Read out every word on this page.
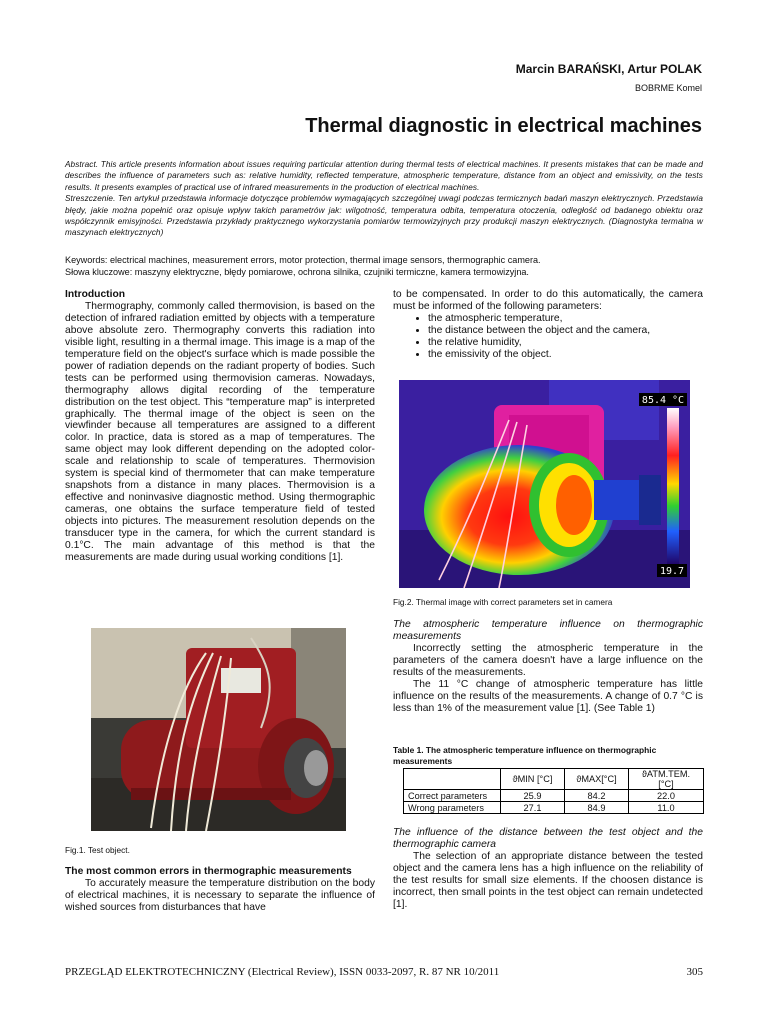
Marcin BARAŃSKI, Artur POLAK
BOBRME Komel
Thermal diagnostic in electrical machines

Abstract. This article presents information about issues requiring particular attention during thermal tests of electrical machines. It presents mistakes that can be made and describes the influence of parameters such as: relative humidity, reflected temperature, atmospheric temperature, distance from an object and emissivity, on the tests results. It presents examples of practical use of infrared measurements in the production of electrical machines.

Streszczenie. Ten artykuł przedstawia informacje dotyczące problemów wymagających szczególnej uwagi podczas termicznych badań maszyn elektrycznych. Przedstawia błędy, jakie można popełnić oraz opisuje wpływ takich parametrów jak: wilgotność, temperatura odbita, temperatura otoczenia, odległość od badanego obiektu oraz współczynnik emisyjności. Przedstawia przykłady praktycznego wykorzystania pomiarów termowizyjnych przy produkcji maszyn elektrycznych. (Diagnostyka termalna w maszynach elektrycznych)

Keywords: electrical machines, measurement errors, motor protection, thermal image sensors, thermographic camera.

Słowa kluczowe: maszyny elektryczne, błędy pomiarowe, ochrona silnika, czujniki termiczne, kamera termowizyjna.

Introduction

Thermography, commonly called thermovision, is based on the detection of infrared radiation emitted by objects with a temperature above absolute zero. Thermography converts this radiation into visible light, resulting in a thermal image. This image is a map of the temperature field on the object's surface which is made possible the power of radiation depends on the radiant property of bodies. Such tests can be performed using thermovision cameras. Nowadays, thermography allows digital recording of the temperature distribution on the test object. This “temperature map” is interpreted graphically. The thermal image of the object is seen on the viewfinder because all temperatures are assigned to a different color. In practice, data is stored as a map of temperatures. The same object may look different depending on the adopted color-scale and relationship to scale of temperatures. Thermovision system is special kind of thermometer that can make temperature snapshots from a distance in many places. Thermovision is a effective and noninvasive diagnostic method. Using thermographic cameras, one obtains the surface temperature field of tested objects into pictures. The measurement resolution depends on the transducer type in the camera, for which the current standard is 0.1°C. The main advantage of this method is that the measurements are made during usual working conditions [1].

Fig.1. Test object.

The most common errors in thermographic measurements

To accurately measure the temperature distribution on the body of electrical machines, it is necessary to separate the influence of wished sources from disturbances that have

to be compensated. In order to do this automatically, the camera must be informed of the following parameters:

• the atmospheric temperature,
• the distance between the object and the camera,
• the relative humidity,
• the emissivity of the object.
85.4 °C
19.7
Fig.2. Thermal image with correct parameters set in camera

The atmospheric temperature influence on thermographic measurements

Incorrectly setting the atmospheric temperature in the parameters of the camera doesn't have a large influence on the results of the measurements.

The 11 °C change of atmospheric temperature has little influence on the results of the measurements. A change of 0.7 °C is less than 1% of the measurement value [1]. (See Table 1)

Table 1. The atmospheric temperature influence on thermographic measurements
	ϑMIN [°C]	ϑMAX[°C]	ϑATM.TEM. [°C]
Correct parameters	25.9	84.2	22.0
Wrong parameters	27.1	84.9	11.0

The influence of the distance between the test object and the thermographic camera

The selection of an appropriate distance between the tested object and the camera lens has a high influence on the reliability of the test results for small size elements. If the choosen distance is incorrect, then small points in the test object can remain undetected [1].

PRZEGLĄD ELEKTROTECHNICZNY (Electrical Review), ISSN 0033-2097, R. 87 NR 10/2011	305
